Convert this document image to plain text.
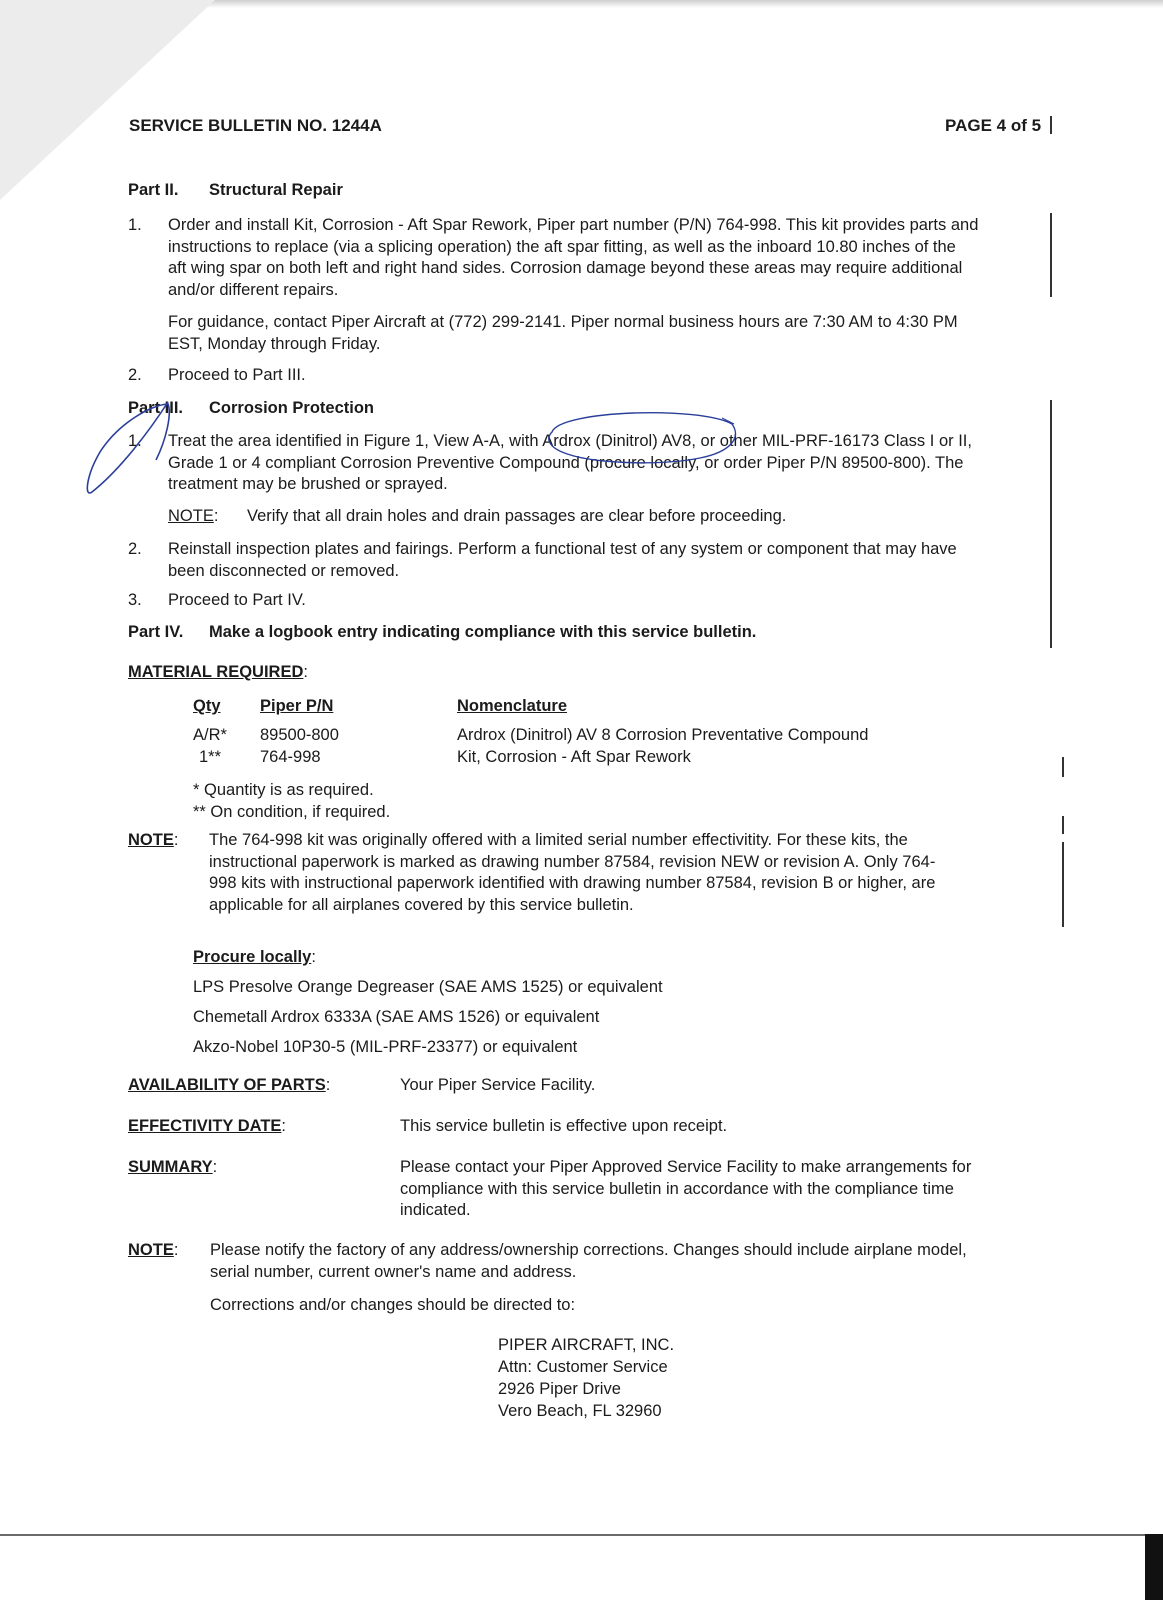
SERVICE BULLETIN NO. 1244A	PAGE 4 of 5
Part II. Structural Repair
1. Order and install Kit, Corrosion - Aft Spar Rework, Piper part number (P/N) 764-998. This kit provides parts and
instructions to replace (via a splicing operation) the aft spar fitting, as well as the inboard 10.80 inches of the
aft wing spar on both left and right hand sides. Corrosion damage beyond these areas may require additional
and/or different repairs.
For guidance, contact Piper Aircraft at (772) 299-2141. Piper normal business hours are 7:30 AM to 4:30 PM
EST, Monday through Friday.
2. Proceed to Part III.
Part III. Corrosion Protection
1. Treat the area identified in Figure 1, View A-A, with Ardrox (Dinitrol) AV8, or other MIL-PRF-16173 Class I or II,
Grade 1 or 4 compliant Corrosion Preventive Compound (procure locally, or order Piper P/N 89500-800). The
treatment may be brushed or sprayed.
NOTE: Verify that all drain holes and drain passages are clear before proceeding.
2. Reinstall inspection plates and fairings. Perform a functional test of any system or component that may have
been disconnected or removed.
3. Proceed to Part IV.
Part IV. Make a logbook entry indicating compliance with this service bulletin.
MATERIAL REQUIRED:
Qty Piper P/N	Nomenclature
A/R* 89500-800	Ardrox (Dinitrol) AV 8 Corrosion Preventative Compound
1** 764-998	Kit, Corrosion - Aft Spar Rework
* Quantity is as required.
** On condition, if required.
NOTE: The 764-998 kit was originally offered with a limited serial number effectivitity. For these kits, the
instructional paperwork is marked as drawing number 87584, revision NEW or revision A. Only 764-
998 kits with instructional paperwork identified with drawing number 87584, revision B or higher, are
applicable for all airplanes covered by this service bulletin.
Procure locally:
LPS Presolve Orange Degreaser (SAE AMS 1525) or equivalent
Chemetall Ardrox 6333A (SAE AMS 1526) or equivalent
Akzo-Nobel 10P30-5 (MIL-PRF-23377) or equivalent
AVAILABILITY OF PARTS:	Your Piper Service Facility.
EFFECTIVITY DATE:	This service bulletin is effective upon receipt.
SUMMARY:	Please contact your Piper Approved Service Facility to make arrangements for
compliance with this service bulletin in accordance with the compliance time
indicated.
NOTE: Please notify the factory of any address/ownership corrections. Changes should include airplane model,
serial number, current owner's name and address.
Corrections and/or changes should be directed to:
PIPER AIRCRAFT, INC.
Attn: Customer Service
2926 Piper Drive
Vero Beach, FL 32960
